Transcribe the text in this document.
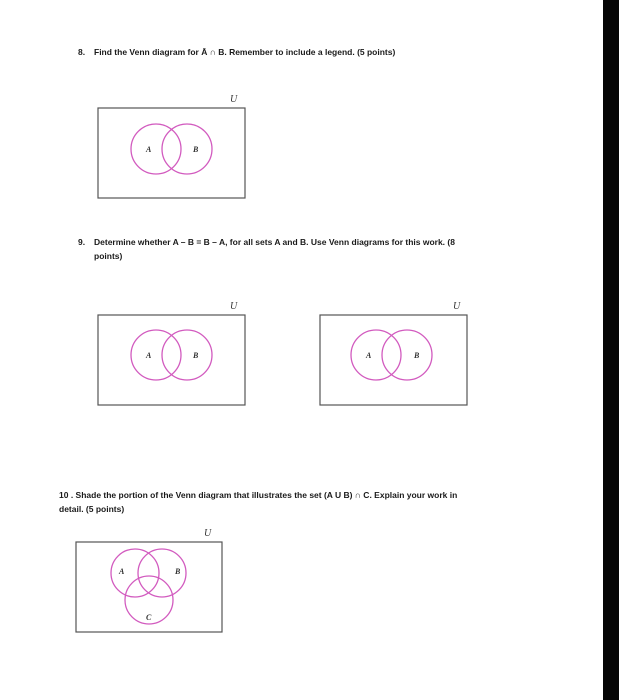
8. Find the Venn diagram for Ā ∩ B. Remember to include a legend. (5 points)
U
A	B
9. Determine whether A – B = B – A, for all sets A and B. Use Venn diagrams for this work. (8
points)
U
A	B
U
A	B
10 . Shade the portion of the Venn diagram that illustrates the set (A U B) ∩ C. Explain your work in
detail. (5 points)
U
A	B
C
